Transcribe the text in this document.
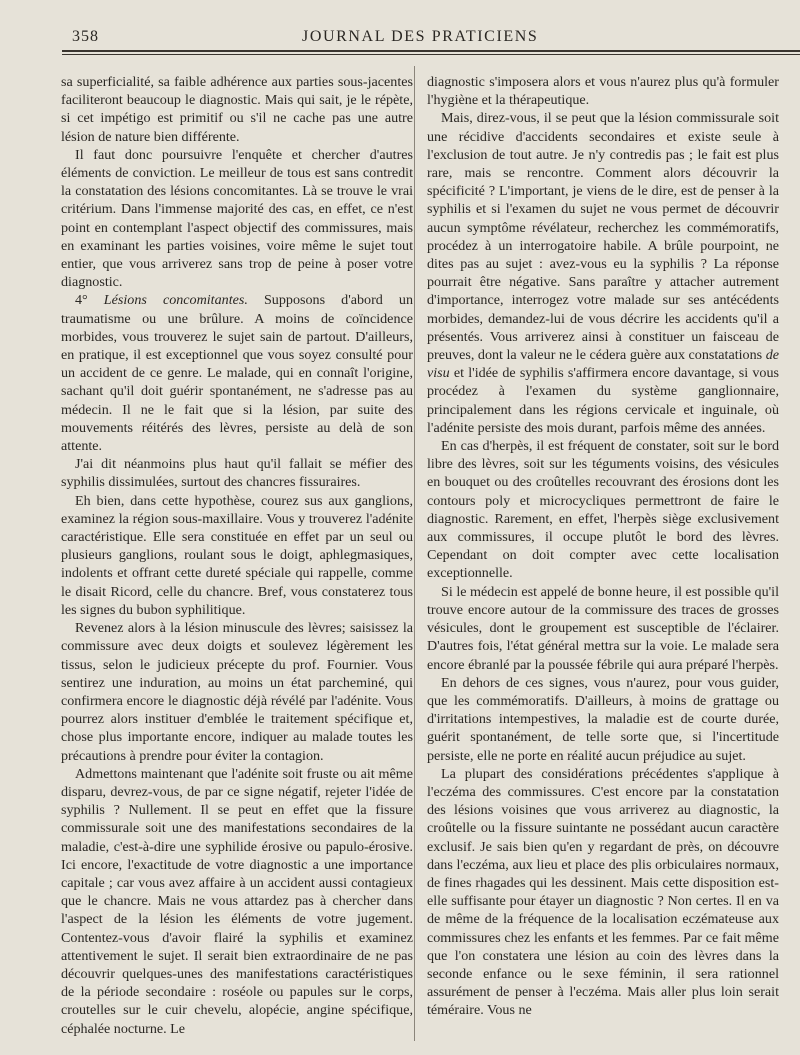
358	JOURNAL DES PRATICIENS

sa superficialité, sa faible adhérence aux parties sous-jacentes faciliteront beaucoup le diagnostic. Mais qui sait, je le répète, si cet impétigo est primitif ou s'il ne cache pas une autre lésion de nature bien différente.

Il faut donc poursuivre l'enquête et chercher d'autres éléments de conviction. Le meilleur de tous est sans contredit la constatation des lésions concomitantes. Là se trouve le vrai critérium. Dans l'immense majorité des cas, en effet, ce n'est point en contemplant l'aspect objectif des commissures, mais en examinant les parties voisines, voire même le sujet tout entier, que vous arriverez sans trop de peine à poser votre diagnostic.

4° Lésions concomitantes. Supposons d'abord un traumatisme ou une brûlure. A moins de coïncidence morbides, vous trouverez le sujet sain de partout. D'ailleurs, en pratique, il est exceptionnel que vous soyez consulté pour un accident de ce genre. Le malade, qui en connaît l'origine, sachant qu'il doit guérir spontanément, ne s'adresse pas au médecin. Il ne le fait que si la lésion, par suite des mouvements réitérés des lèvres, persiste au delà de son attente.

J'ai dit néanmoins plus haut qu'il fallait se méfier des syphilis dissimulées, surtout des chancres fissuraires.

Eh bien, dans cette hypothèse, courez sus aux ganglions, examinez la région sous-maxillaire. Vous y trouverez l'adénite caractéristique. Elle sera constituée en effet par un seul ou plusieurs ganglions, roulant sous le doigt, aphlegmasiques, indolents et offrant cette dureté spéciale qui rappelle, comme le disait Ricord, celle du chancre. Bref, vous constaterez tous les signes du bubon syphilitique.

Revenez alors à la lésion minuscule des lèvres; saisissez la commissure avec deux doigts et soulevez légèrement les tissus, selon le judicieux précepte du prof. Fournier. Vous sentirez une induration, au moins un état parcheminé, qui confirmera encore le diagnostic déjà révélé par l'adénite. Vous pourrez alors instituer d'emblée le traitement spécifique et, chose plus importante encore, indiquer au malade toutes les précautions à prendre pour éviter la contagion.

Admettons maintenant que l'adénite soit fruste ou ait même disparu, devrez-vous, de par ce signe négatif, rejeter l'idée de syphilis ? Nullement. Il se peut en effet que la fissure commissurale soit une des manifestations secondaires de la maladie, c'est-à-dire une syphilide érosive ou papulo-érosive. Ici encore, l'exactitude de votre diagnostic a une importance capitale ; car vous avez affaire à un accident aussi contagieux que le chancre. Mais ne vous attardez pas à chercher dans l'aspect de la lésion les éléments de votre jugement. Contentez-vous d'avoir flairé la syphilis et examinez attentivement le sujet. Il serait bien extraordinaire de ne pas découvrir quelques-unes des manifestations caractéristiques de la période secondaire : roséole ou papules sur le corps, croutelles sur le cuir chevelu, alopécie, angine spécifique, céphalée nocturne. Le

diagnostic s'imposera alors et vous n'aurez plus qu'à formuler l'hygiène et la thérapeutique.

Mais, direz-vous, il se peut que la lésion commissurale soit une récidive d'accidents secondaires et existe seule à l'exclusion de tout autre. Je n'y contredis pas ; le fait est plus rare, mais se rencontre. Comment alors découvrir la spécificité ? L'important, je viens de le dire, est de penser à la syphilis et si l'examen du sujet ne vous permet de découvrir aucun symptôme révélateur, recherchez les commémoratifs, procédez à un interrogatoire habile. A brûle pourpoint, ne dites pas au sujet : avez-vous eu la syphilis ? La réponse pourrait être négative. Sans paraître y attacher autrement d'importance, interrogez votre malade sur ses antécédents morbides, demandez-lui de vous décrire les accidents qu'il a présentés. Vous arriverez ainsi à constituer un faisceau de preuves, dont la valeur ne le cédera guère aux constatations de visu et l'idée de syphilis s'affirmera encore davantage, si vous procédez à l'examen du système ganglionnaire, principalement dans les régions cervicale et inguinale, où l'adénite persiste des mois durant, parfois même des années.

En cas d'herpès, il est fréquent de constater, soit sur le bord libre des lèvres, soit sur les téguments voisins, des vésicules en bouquet ou des croûtelles recouvrant des érosions dont les contours poly et microcycliques permettront de faire le diagnostic. Rarement, en effet, l'herpès siège exclusivement aux commissures, il occupe plutôt le bord des lèvres. Cependant on doit compter avec cette localisation exceptionnelle.

Si le médecin est appelé de bonne heure, il est possible qu'il trouve encore autour de la commissure des traces de grosses vésicules, dont le groupement est susceptible de l'éclairer. D'autres fois, l'état général mettra sur la voie. Le malade sera encore ébranlé par la poussée fébrile qui aura préparé l'herpès.

En dehors de ces signes, vous n'aurez, pour vous guider, que les commémoratifs. D'ailleurs, à moins de grattage ou d'irritations intempestives, la maladie est de courte durée, guérit spontanément, de telle sorte que, si l'incertitude persiste, elle ne porte en réalité aucun préjudice au sujet.

La plupart des considérations précédentes s'applique à l'eczéma des commissures. C'est encore par la constatation des lésions voisines que vous arriverez au diagnostic, la croûtelle ou la fissure suintante ne possédant aucun caractère exclusif. Je sais bien qu'en y regardant de près, on découvre dans l'eczéma, aux lieu et place des plis orbiculaires normaux, de fines rhagades qui les dessinent. Mais cette disposition est-elle suffisante pour étayer un diagnostic ? Non certes. Il en va de même de la fréquence de la localisation eczémateuse aux commissures chez les enfants et les femmes. Par ce fait même que l'on constatera une lésion au coin des lèvres dans la seconde enfance ou le sexe féminin, il sera rationnel assurément de penser à l'eczéma. Mais aller plus loin serait téméraire. Vous ne
